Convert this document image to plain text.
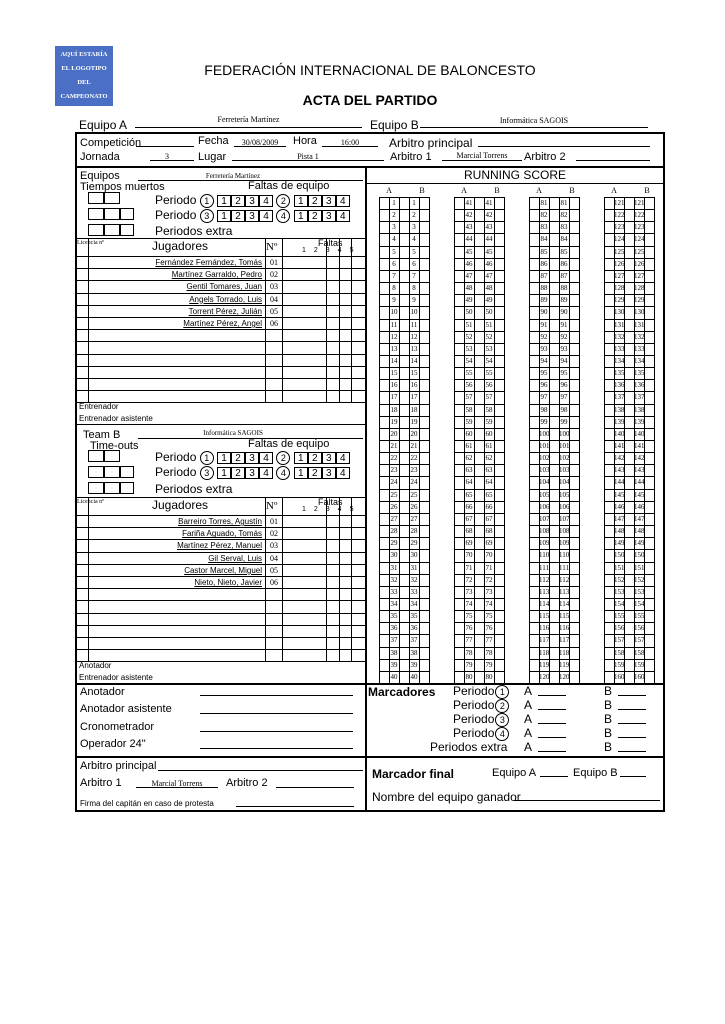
AQUÍ ESTARÍA
EL LOGOTIPO
DEL CAMPEONATO
FEDERACIÓN INTERNACIONAL DE BALONCESTO
ACTA DEL PARTIDO
Equipo A	Ferretería Martínez	Equipo B	Informática SAGOIS
Competición	Fecha	30/08/2009	Hora	16:00	Arbitro principal
Jornada	3	Lugar	Pista 1	Arbitro 1	Marcial Torrens	Arbitro 2
Equipos	Ferretería Martínez
Tiempos muertos	Faltas de equipo
Periodo 1 1 2 3 4 2 1 2 3 4
Periodo 3 1 2 3 4 4 1 2 3 4
Periodos extra
Licencia nº	Jugadores	Nº	Faltas
12345
Fernández Fernández, Tomás	01
Martínez Garraldo, Pedro	02
Gentil Tomares, Juan	03
Angels Torrado, Luis	04
Torrent Pérez, Julián	05
Martínez Pérez, Angel	06
Entrenador
Entrenador asistente
Team B	Informática SAGOIS
Time-outs	Faltas de equipo
Periodo 1 1 2 3 4 2 1 2 3 4
Periodo 3 1 2 3 4 4 1 2 3 4
Periodos extra
Licencia nº	Jugadores	Nº	Faltas
12345
Barreiro Torres, Agustín	01
Fariña Aguado, Tomás	02
Martínez Pérez, Manuel	03
Gil Serval, Luis	04
Castor Marcel, Miguel	05
Nieto, Nieto, Javier	06
Anotador
Entrenador asistente
RUNNING SCORE
A	B
1	1
2	2
3	3
4	4
5	5
6	6
7	7
8	8
9	9
10 10
11 11
12 12
13 13
14 14
15 15
16 16
17 17
18 18
19 19
20 20
21 21
22 22
23 23
24 24
25 25
26 26
27 27
28 28
29 29
30 30
31 31
32 32
33 33
34 34
35 35
36 36
37 37
38 38
39 39
40 40
A	B
41 41
42 42
43 43
44 44
45 45
46 46
47 47
48 48
49 49
50 50
51 51
52 52
53 53
54 54
55 55
56 56
57 57
58 58
59 59
60 60
61 61
62 62
63 63
64 64
65 65
66 66
67 67
68 68
69 69
70 70
71 71
72 72
73 73
74 74
75 75
76 76
77 77
78 78
79 79
80 80
A	B
81 81
82 82
83 83
84 84
85 85
86 86
87 87
88 88
89 89
90 90
91 91
92 92
93 93
94 94
95 95
96 96
97 97
98 98
99 99
100 100
101 101
102 102
103 103
104 104
105 105
106 106
107 107
108 108
109 109
110 110
111 111
112 112
113 113
114 114
115 115
116 116
117 117
118 118
119 119
120 120
A	B
121 121
122 122
123 123
124 124
125 125
126 126
127 127
128 128
129 129
130 130
131 131
132 132
133 133
134 134
135 135
136 136
137 137
138 138
139 139
140 140
141 141
142 142
143 143
144 144
145 145
146 146
147 147
148 148
149 149
150 150
151 151
152 152
153 153
154 154
155 155
156 156
157 157
158 158
159 159
160 160
Anotador
Anotador asistente
Cronometrador
Operador 24"
Arbitro principal
Arbitro 1	Marcial Torrens	Arbitro 2
Firma del capitán en caso de protesta
Marcadores Periodo 1	A	B
Periodo 2	A	B
Periodo 3	A	B
Periodo 4	A	B
Periodos extra A	B
Marcador final	Equipo A	Equipo B
Nombre del equipo ganador
